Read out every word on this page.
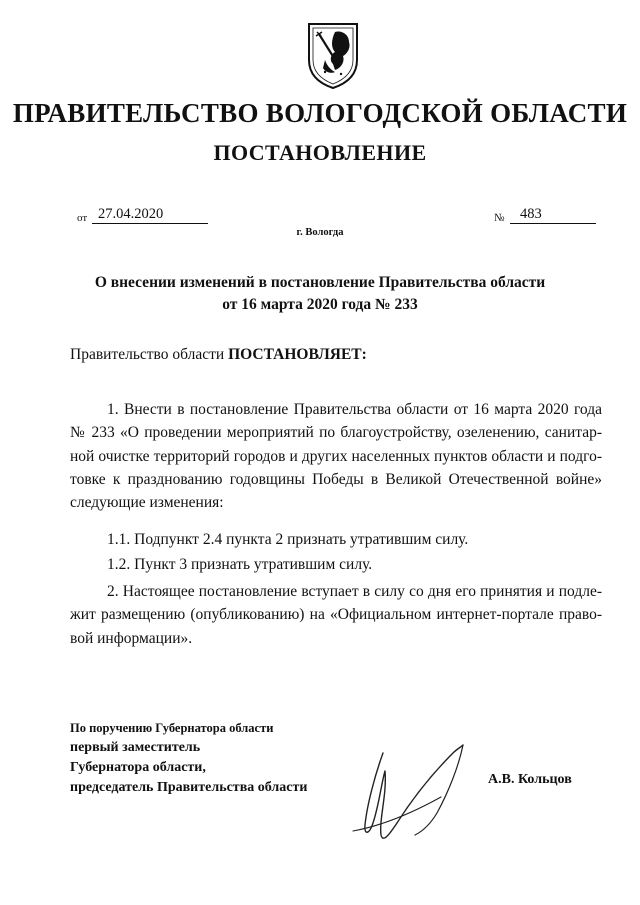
ПРАВИТЕЛЬСТВО ВОЛОГОДСКОЙ ОБЛАСТИ
ПОСТАНОВЛЕНИЕ
от 27.04.2020	№	483
г. Вологда
О внесении изменений в постановление Правительства области
от 16 марта 2020 года № 233
Правительство области ПОСТАНОВЛЯЕТ:
1. Внести в постановление Правительства области от 16 марта 2020 года
№ 233 «О проведении мероприятий по благоустройству, озеленению, санитар-
ной очистке территорий городов и других населенных пунктов области и подго-
товке к празднованию годовщины Победы в Великой Отечественной войне»
следующие изменения:
1.1. Подпункт 2.4 пункта 2 признать утратившим силу.
1.2. Пункт 3 признать утратившим силу.
2. Настоящее постановление вступает в силу со дня его принятия и подле-
жит размещению (опубликованию) на «Официальном интернет-портале право-
вой информации».
По поручению Губернатора области
первый заместитель
Губернатора области,
председатель Правительства области
А.В. Кольцов
